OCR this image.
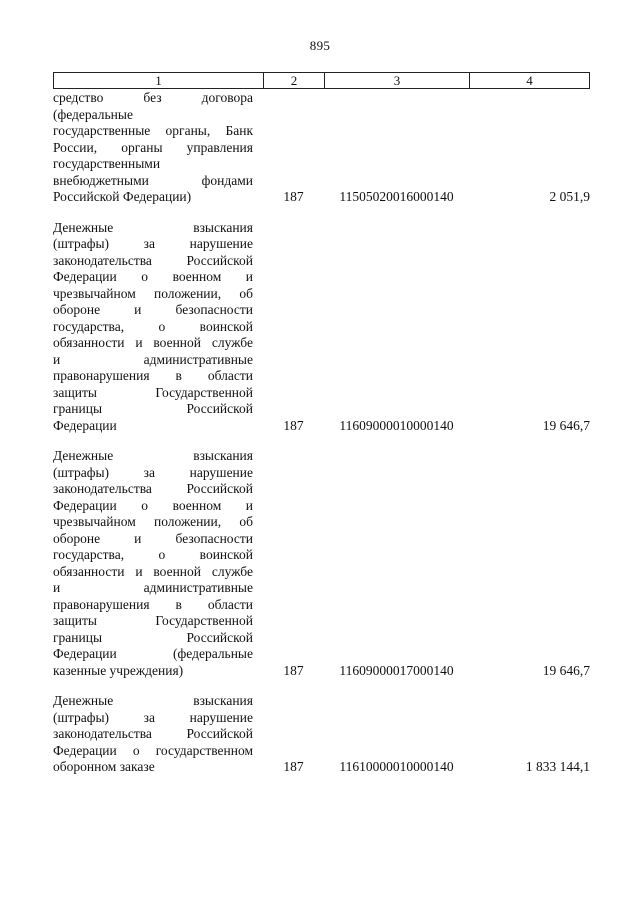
895
1	2	3	4
средство без договора
(федеральные
государственные органы, Банк
России, органы управления
государственными
внебюджетными фондами
Российской Федерации)	187	11505020016000140	2 051,9
Денежные взыскания
(штрафы) за нарушение
законодательства Российской
Федерации о военном и
чрезвычайном положении, об
обороне и безопасности
государства, о воинской
обязанности и военной службе
и административные
правонарушения в области
защиты Государственной
границы Российской
Федерации	187	11609000010000140	19 646,7
Денежные взыскания
(штрафы) за нарушение
законодательства Российской
Федерации о военном и
чрезвычайном положении, об
обороне и безопасности
государства, о воинской
обязанности и военной службе
и административные
правонарушения в области
защиты Государственной
границы Российской
Федерации (федеральные
казенные учреждения)	187	11609000017000140	19 646,7
Денежные взыскания
(штрафы) за нарушение
законодательства Российской
Федерации о государственном
оборонном заказе	187	11610000010000140	1 833 144,1
